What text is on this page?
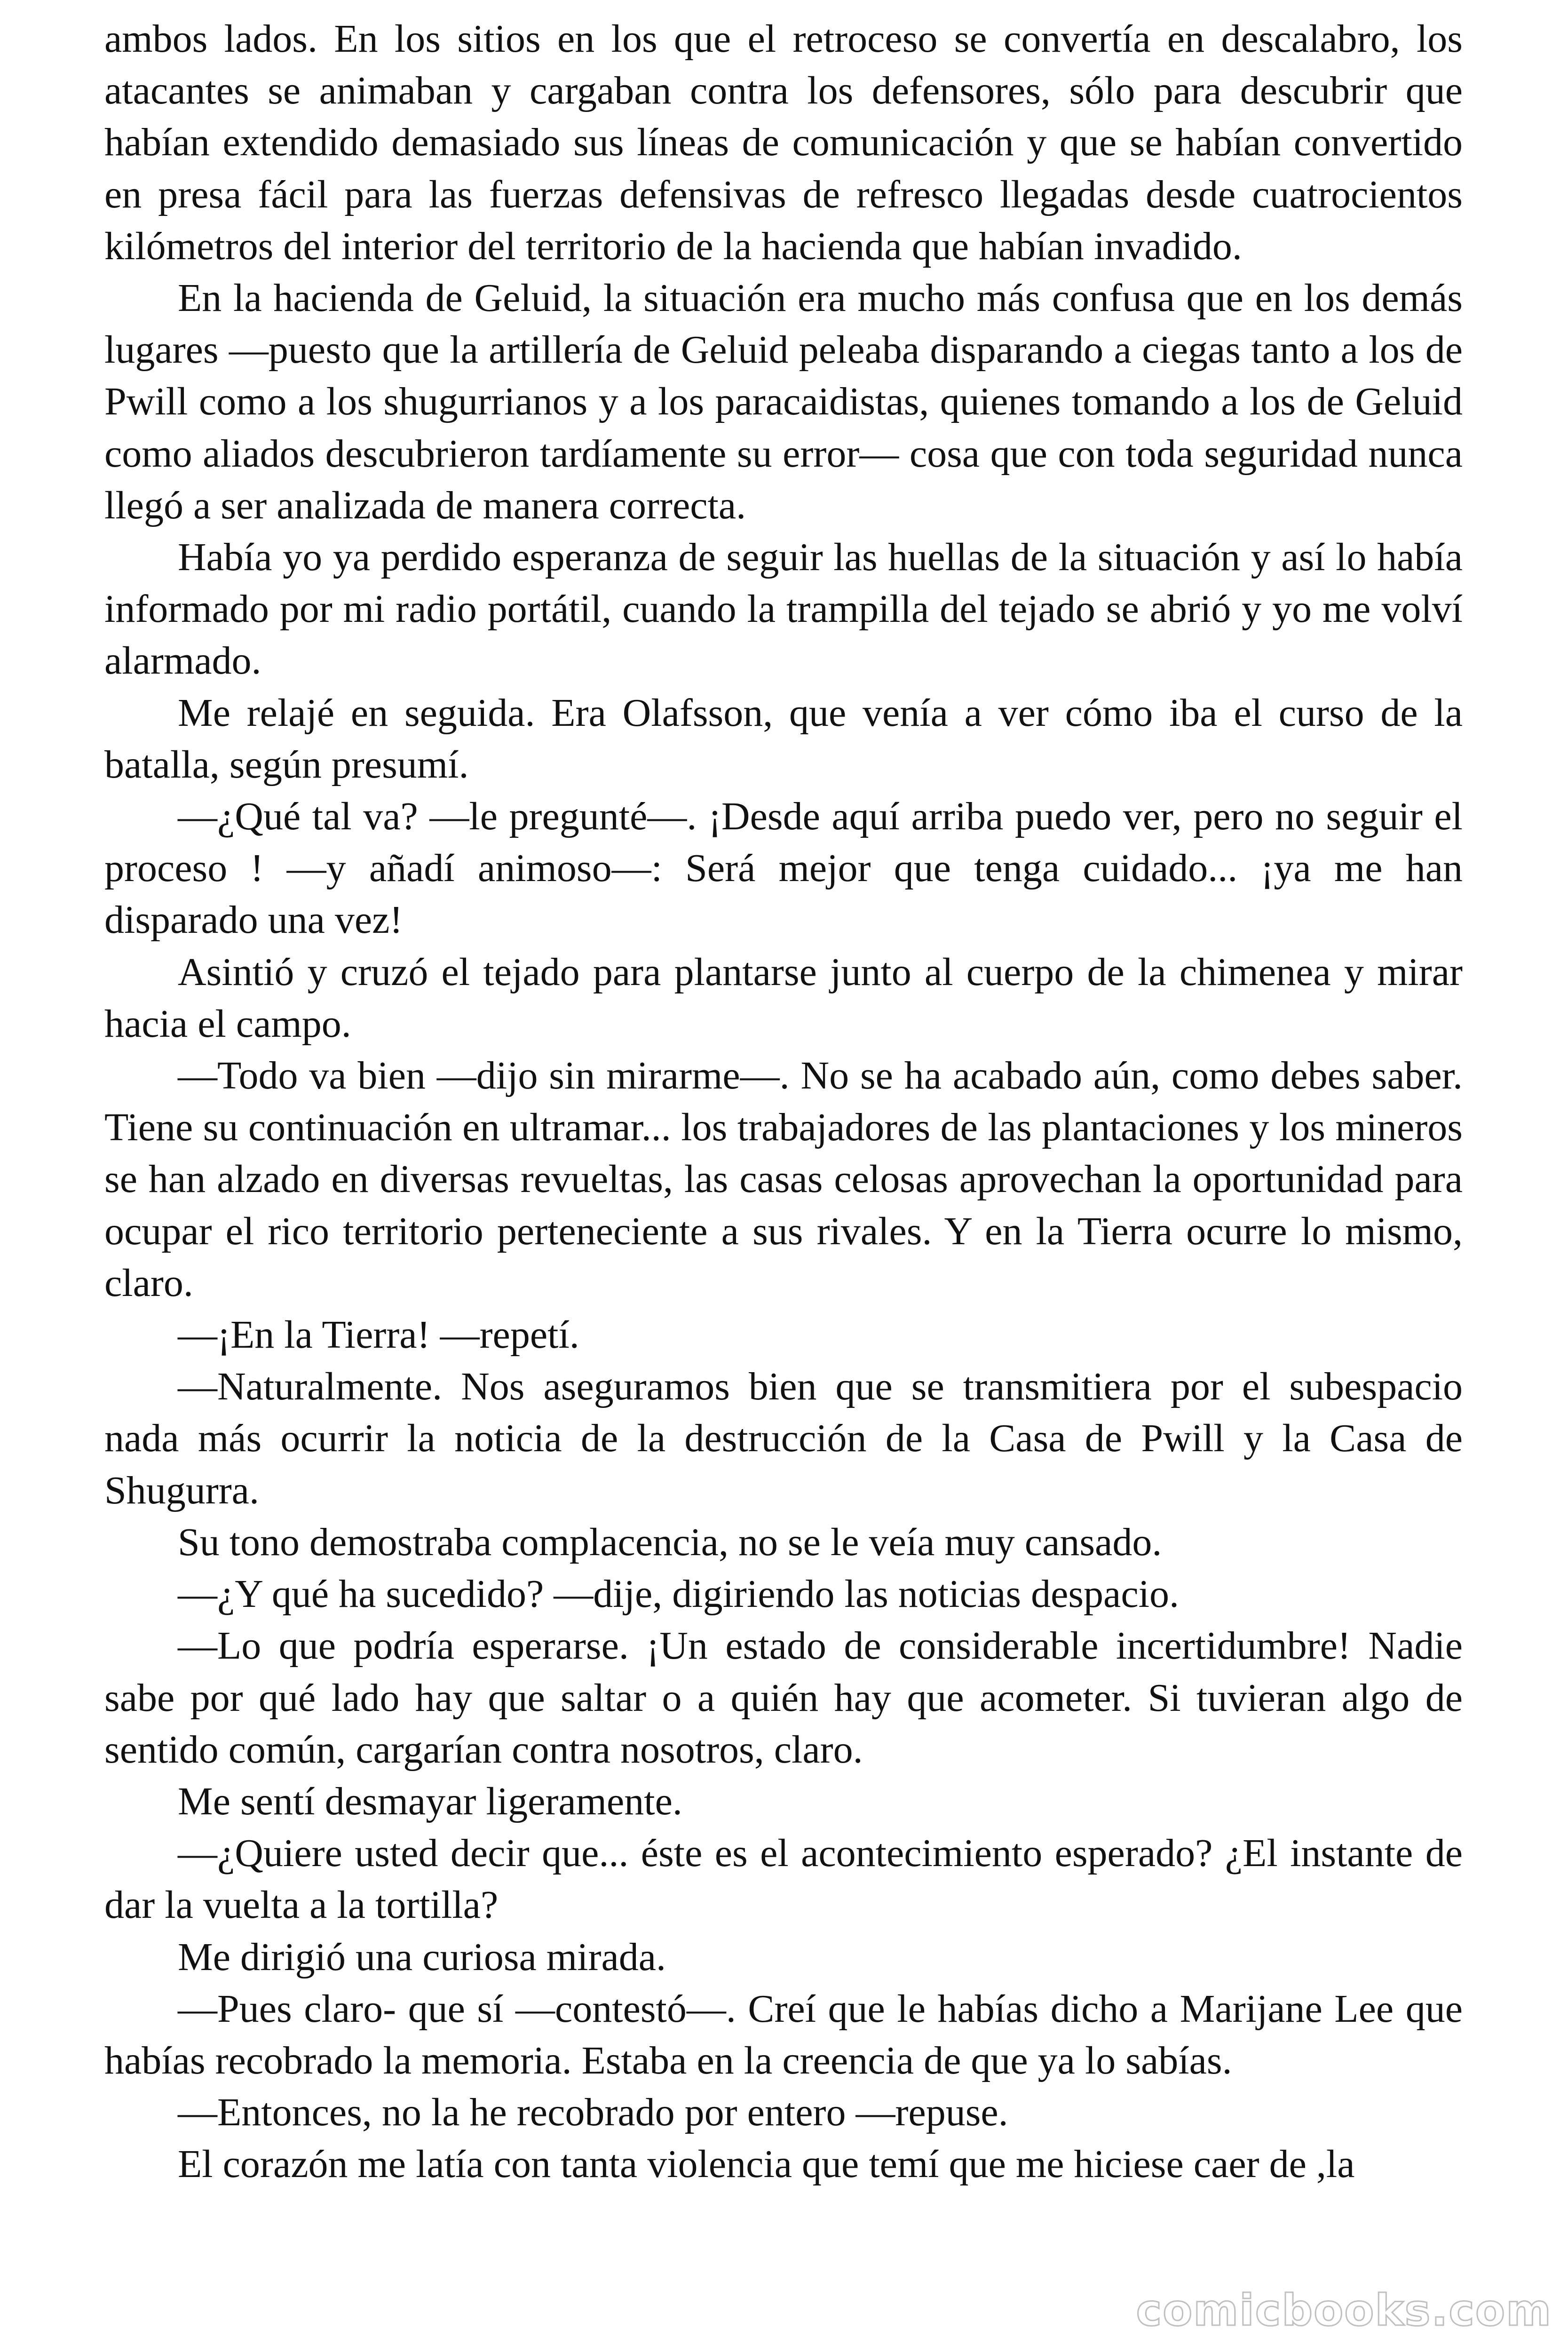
ambos lados. En los sitios en los que el retroceso se convertía en descalabro, los atacantes se animaban y cargaban contra los defensores, sólo para descubrir que habían extendido demasiado sus líneas de comunicación y que se habían convertido en presa fácil para las fuerzas defensivas de refresco llegadas desde cuatrocientos kilómetros del interior del territorio de la hacienda que habían invadido.

En la hacienda de Geluid, la situación era mucho más confusa que en los demás lugares —puesto que la artillería de Geluid peleaba disparando a ciegas tanto a los de Pwill como a los shugurrianos y a los paracaidistas, quienes tomando a los de Geluid como aliados descubrieron tardíamente su error— cosa que con toda seguridad nunca llegó a ser analizada de manera correcta.

Había yo ya perdido esperanza de seguir las huellas de la situación y así lo había informado por mi radio portátil, cuando la trampilla del tejado se abrió y yo me volví alarmado.

Me relajé en seguida. Era Olafsson, que venía a ver cómo iba el curso de la batalla, según presumí.

—¿Qué tal va? —le pregunté—. ¡Desde aquí arriba puedo ver, pero no seguir el proceso ! —y añadí animoso—: Será mejor que tenga cuidado... ¡ya me han disparado una vez!

Asintió y cruzó el tejado para plantarse junto al cuerpo de la chimenea y mirar hacia el campo.

—Todo va bien —dijo sin mirarme—. No se ha acabado aún, como debes saber. Tiene su continuación en ultramar... los trabajadores de las plantaciones y los mineros se han alzado en diversas revueltas, las casas celosas aprovechan la oportunidad para ocupar el rico territorio perteneciente a sus rivales. Y en la Tierra ocurre lo mismo, claro.

—¡En la Tierra! —repetí.

—Naturalmente. Nos aseguramos bien que se transmitiera por el subespacio nada más ocurrir la noticia de la destrucción de la Casa de Pwill y la Casa de Shugurra.

Su tono demostraba complacencia, no se le veía muy cansado.

—¿Y qué ha sucedido? —dije, digiriendo las noticias despacio.

—Lo que podría esperarse. ¡Un estado de considerable incertidumbre! Nadie sabe por qué lado hay que saltar o a quién hay que acometer. Si tuvieran algo de sentido común, cargarían contra nosotros, claro.

Me sentí desmayar ligeramente.

—¿Quiere usted decir que... éste es el acontecimiento esperado? ¿El instante de dar la vuelta a la tortilla?

Me dirigió una curiosa mirada.

—Pues claro- que sí —contestó—. Creí que le habías dicho a Marijane Lee que habías recobrado la memoria. Estaba en la creencia de que ya lo sabías.

—Entonces, no la he recobrado por entero —repuse.

El corazón me latía con tanta violencia que temí que me hiciese caer de ,la

comicbooks.com
